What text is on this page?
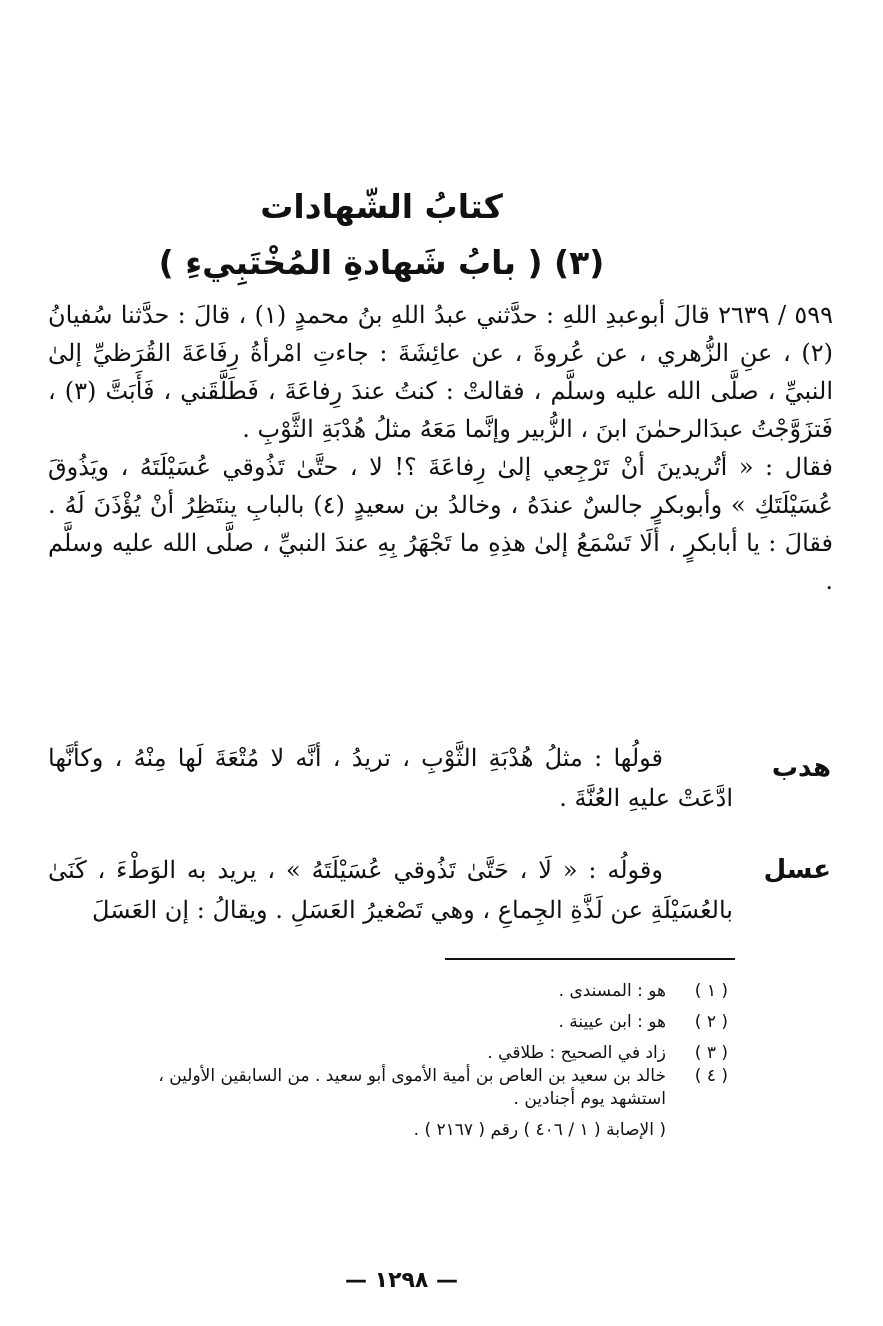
كتابُ الشّهادات
(٣) ( بابُ شَهادةِ المُخْتَبِيءِ )

٥٩٩ / ٢٦٣٩ قالَ أبوعبدِ اللهِ : حدَّثني عبدُ اللهِ بنُ محمدٍ (١) ، قالَ : حدَّثنا سُفيانُ (٢) ، عنِ الزُّهري ، عن عُروةَ ، عن عائِشَةَ : جاءتِ امْرأةُ رِفَاعَةَ القُرَظيِّ إلىٰ النبيِّ ، صلَّى الله عليه وسلَّم ، فقالتْ : كنتُ عندَ رِفاعَةَ ، فَطَلَّقَني ، فَأَبَتَّ (٣) ، فَتزَوَّجْتُ عبدَالرحمٰنَ ابنَ ، الزُّبير وإنَّما مَعَهُ مثلُ هُدْبَةِ الثَّوْبِ .

فقال : « أتُريدينَ أنْ تَرْجِعي إلىٰ رِفاعَةَ ؟! لا ، حتَّىٰ تَذُوقي عُسَيْلَتَهُ ، ويَذُوقَ عُسَيْلَتَكِ » وأبوبكرٍ جالسٌ عندَهُ ، وخالدُ بن سعيدٍ (٤) بالبابِ ينتَظِرُ أنْ يُؤْذَنَ لَهُ . فقالَ : يا أبابكرٍ ، ألَا تَسْمَعُ إلىٰ هذِهِ ما تَجْهَرُ بِهِ عندَ النبيِّ ، صلَّى الله عليه وسلَّم .

هدب

قولُها : مثلُ هُدْبَةِ الثَّوْبِ ، تريدُ ، أنَّه لا مُتْعَةَ لَها مِنْهُ ، وكأنَّها ادَّعَتْ عليهِ العُنَّةَ .

عسل

وقولُه : « لَا ، حَتَّىٰ تَذُوقي عُسَيْلَتَهُ » ، يريد به الوَطْءَ ، كَنَىٰ بالعُسَيْلَةِ عن لَذَّةِ الجِماعِ ، وهي تَصْغيرُ العَسَلِ . ويقالُ : إن العَسَلَ

( ١ )
هو : المسندى .
( ٢ )
هو : ابن عيينة .
( ٣ )
زاد في الصحيح : طلاقي .
( ٤ )
خالد بن سعيد بن العاص بن أمية الأموى أبو سعيد . من السابقين الأولين ،
استشهد يوم أجنادين .
( الإصابة ( ١ / ٤٠٦ ) رقم ( ٢١٦٧ ) .
— ١٢٩٨ —
